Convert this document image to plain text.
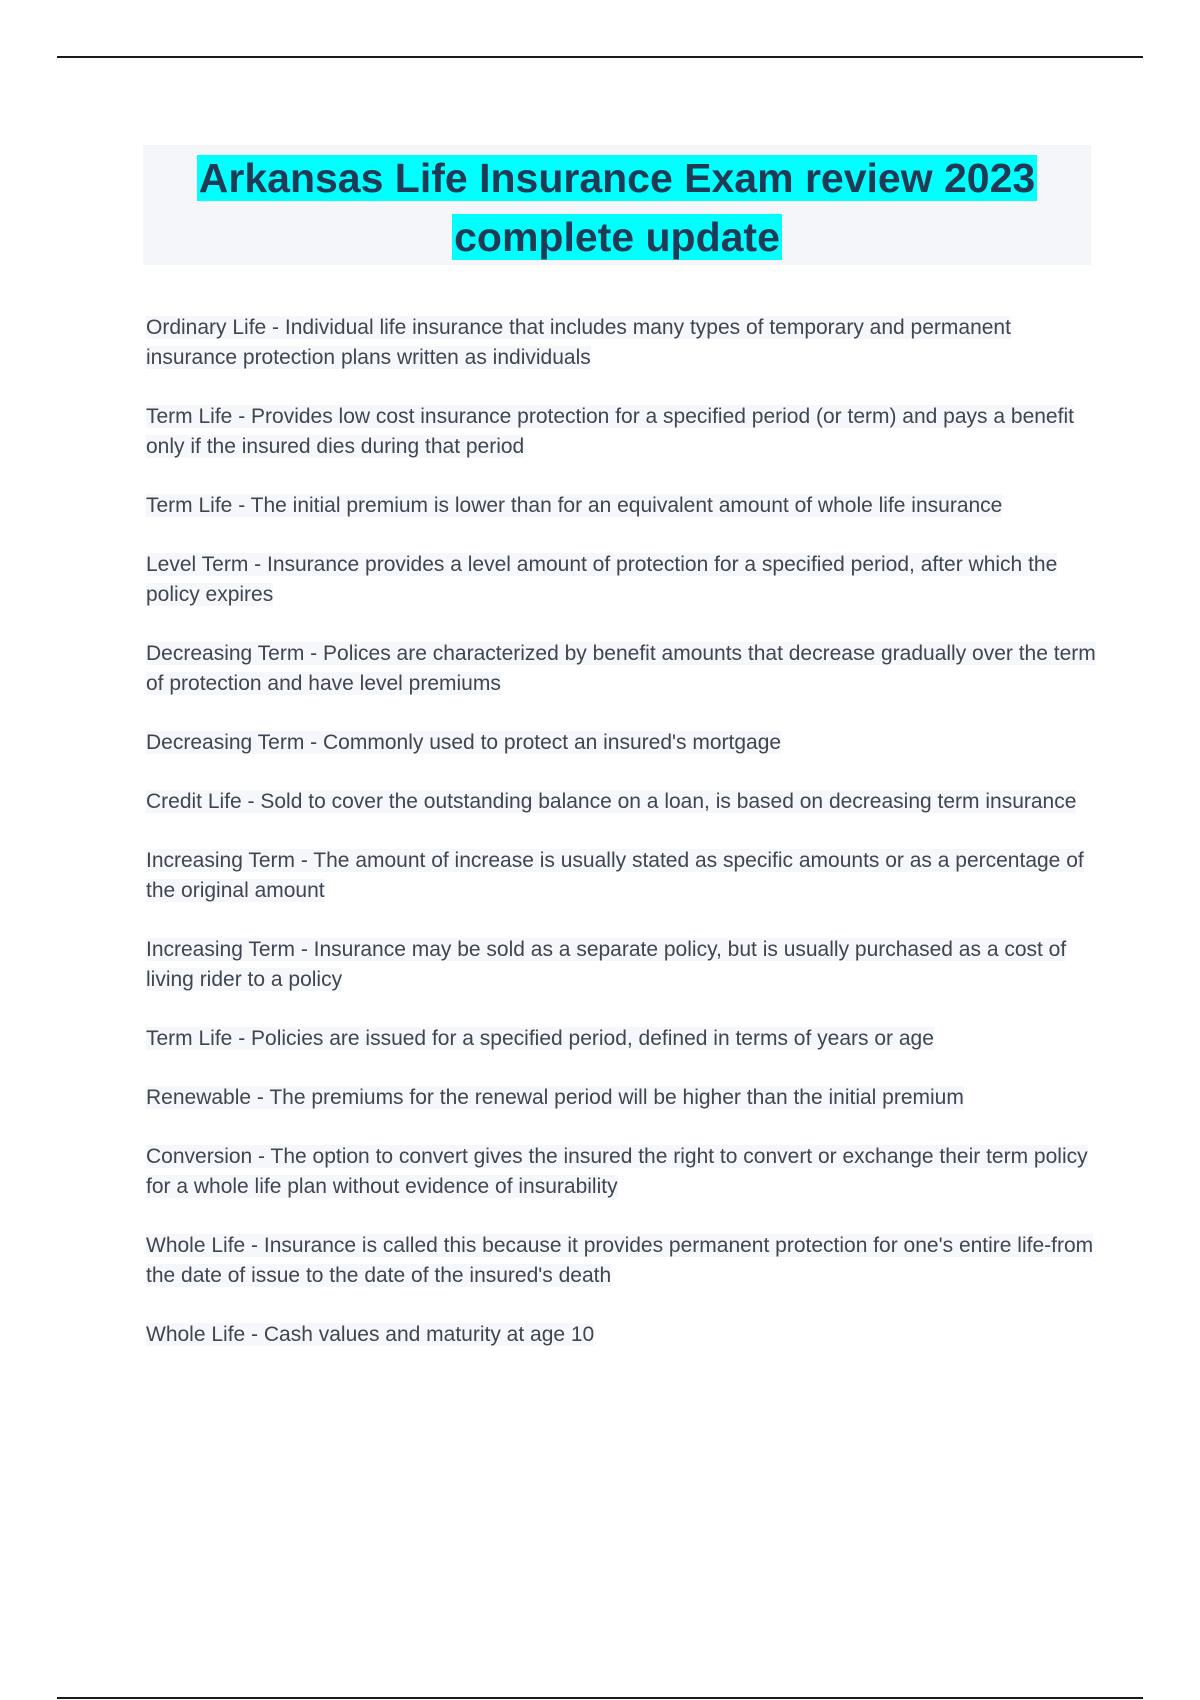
Arkansas Life Insurance Exam review 2023 complete update
Ordinary Life - Individual life insurance that includes many types of temporary and permanent insurance protection plans written as individuals
Term Life - Provides low cost insurance protection for a specified period (or term) and pays a benefit only if the insured dies during that period
Term Life - The initial premium is lower than for an equivalent amount of whole life insurance
Level Term - Insurance provides a level amount of protection for a specified period, after which the policy expires
Decreasing Term - Polices are characterized by benefit amounts that decrease gradually over the term of protection and have level premiums
Decreasing Term - Commonly used to protect an insured's mortgage
Credit Life - Sold to cover the outstanding balance on a loan, is based on decreasing term insurance
Increasing Term - The amount of increase is usually stated as specific amounts or as a percentage of the original amount
Increasing Term - Insurance may be sold as a separate policy, but is usually purchased as a cost of living rider to a policy
Term Life - Policies are issued for a specified period, defined in terms of years or age
Renewable - The premiums for the renewal period will be higher than the initial premium
Conversion - The option to convert gives the insured the right to convert or exchange their term policy for a whole life plan without evidence of insurability
Whole Life - Insurance is called this because it provides permanent protection for one's entire life-from the date of issue to the date of the insured's death
Whole Life - Cash values and maturity at age 10
